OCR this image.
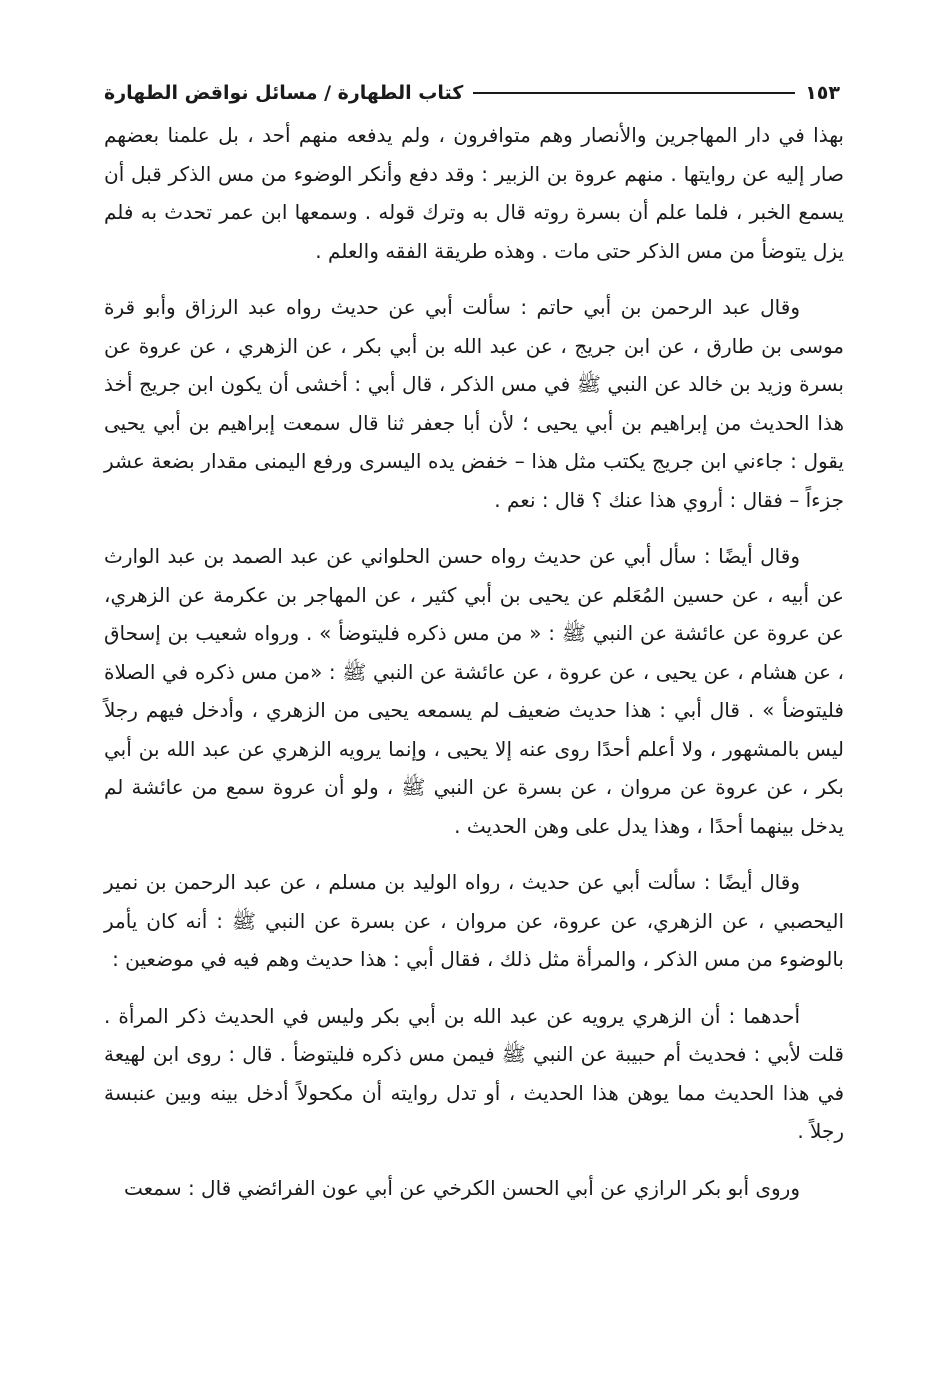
كتاب الطهارة / مسائل نواقض الطهارة	١٥٣

بهذا في دار المهاجرين والأنصار وهم متوافرون ، ولم يدفعه منهم أحد ، بل علمنا بعضهم صار إليه عن روايتها . منهم عروة بن الزبير : وقد دفع وأنكر الوضوء من مس الذكر قبل أن يسمع الخبر ، فلما علم أن بسرة روته قال به وترك قوله . وسمعها ابن عمر تحدث به فلم يزل يتوضأ من مس الذكر حتى مات . وهذه طريقة الفقه والعلم .

وقال عبد الرحمن بن أبي حاتم : سألت أبي عن حديث رواه عبد الرزاق وأبو قرة موسى بن طارق ، عن ابن جريج ، عن عبد الله بن أبي بكر ، عن الزهري ، عن عروة عن بسرة وزيد بن خالد عن النبي ﷺ في مس الذكر ، قال أبي : أخشى أن يكون ابن جريج أخذ هذا الحديث من إبراهيم بن أبي يحيى ؛ لأن أبا جعفر ثنا قال سمعت إبراهيم بن أبي يحيى يقول : جاءني ابن جريج يكتب مثل هذا – خفض يده اليسرى ورفع اليمنى مقدار بضعة عشر جزءاً – فقال : أروي هذا عنك ؟ قال : نعم .

وقال أيضًا : سأل أبي عن حديث رواه حسن الحلواني عن عبد الصمد بن عبد الوارث عن أبيه ، عن حسين المُعَلم عن يحيى بن أبي كثير ، عن المهاجر بن عكرمة عن الزهري، عن عروة عن عائشة عن النبي ﷺ : « من مس ذكره فليتوضأ » . ورواه شعيب بن إسحاق ، عن هشام ، عن يحيى ، عن عروة ، عن عائشة عن النبي ﷺ : «من مس ذكره في الصلاة فليتوضأ » . قال أبي : هذا حديث ضعيف لم يسمعه يحيى من الزهري ، وأدخل فيهم رجلاً ليس بالمشهور ، ولا أعلم أحدًا روى عنه إلا يحيى ، وإنما يرويه الزهري عن عبد الله بن أبي بكر ، عن عروة عن مروان ، عن بسرة عن النبي ﷺ ، ولو أن عروة سمع من عائشة لم يدخل بينهما أحدًا ، وهذا يدل على وهن الحديث .

وقال أيضًا : سألت أبي عن حديث ، رواه الوليد بن مسلم ، عن عبد الرحمن بن نمير اليحصبي ، عن الزهري، عن عروة، عن مروان ، عن بسرة عن النبي ﷺ : أنه كان يأمر بالوضوء من مس الذكر ، والمرأة مثل ذلك ، فقال أبي : هذا حديث وهم فيه في موضعين :

أحدهما : أن الزهري يرويه عن عبد الله بن أبي بكر وليس في الحديث ذكر المرأة . قلت لأبي : فحديث أم حبيبة عن النبي ﷺ فيمن مس ذكره فليتوضأ . قال : روى ابن لهيعة في هذا الحديث مما يوهن هذا الحديث ، أو تدل روايته أن مكحولاً أدخل بينه وبين عنبسة رجلاً .

وروى أبو بكر الرازي عن أبي الحسن الكرخي عن أبي عون الفرائضي قال : سمعت
